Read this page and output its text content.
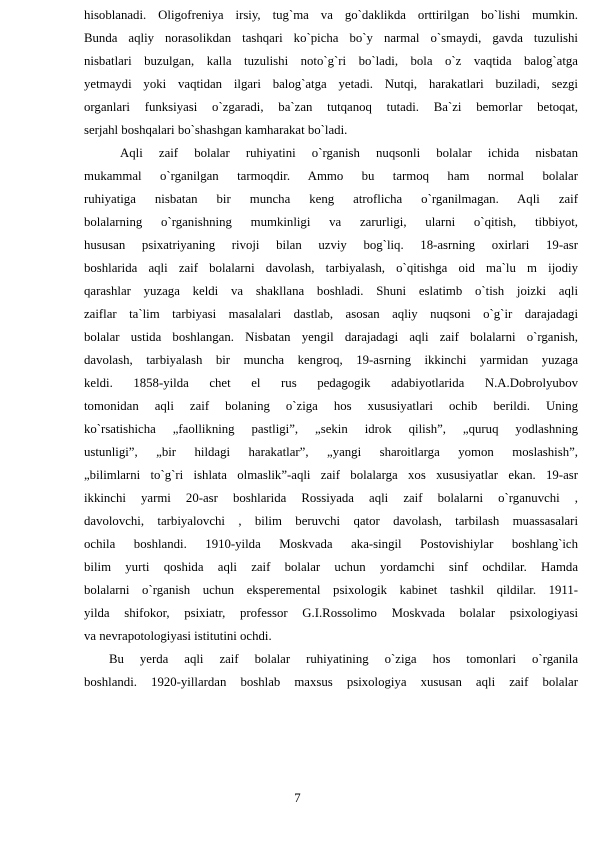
hisoblanadi. Oligofreniya irsiy, tug`ma va go`daklikda orttirilgan bo`lishi mumkin.
Bunda aqliy norasolikdan tashqari ko`picha bo`y narmal o`smaydi, gavda tuzulishi
nisbatlari buzulgan, kalla tuzulishi noto`g`ri bo`ladi, bola o`z vaqtida balog`atga
yetmaydi yoki vaqtidan ilgari balog`atga yetadi. Nutqi, harakatlari buziladi, sezgi
organlari funksiyasi o`zgaradi, ba`zan tutqanoq tutadi. Ba`zi bemorlar betoqat,
serjahl boshqalari bo`shashgan kamharakat bo`ladi.
Aqli zaif bolalar ruhiyatini o`rganish nuqsonli bolalar ichida nisbatan
mukammal o`rganilgan tarmoqdir. Ammo bu tarmoq ham normal bolalar
ruhiyatiga nisbatan bir muncha keng atroflicha o`rganilmagan. Aqli zaif
bolalarning o`rganishning mumkinligi va zarurligi, ularni o`qitish, tibbiyot,
hususan psixatriyaning rivoji bilan uzviy bog`liq. 18-asrning oxirlari 19-asr
boshlarida aqli zaif bolalarni davolash, tarbiyalash, o`qitishga oid ma`lu m ijodiy
qarashlar yuzaga keldi va shakllana boshladi. Shuni eslatimb o`tish joizki aqli
zaiflar ta`lim tarbiyasi masalalari dastlab, asosan aqliy nuqsoni o`g`ir darajadagi
bolalar ustida boshlangan. Nisbatan yengil darajadagi aqli zaif bolalarni o`rganish,
davolash, tarbiyalash bir muncha kengroq, 19-asrning ikkinchi yarmidan yuzaga
keldi. 1858-yilda chet el rus pedagogik adabiyotlarida N.A.Dobrolyubov
tomonidan aqli zaif bolaning o`ziga hos xususiyatlari ochib berildi. Uning
ko`rsatishicha „faollikning pastligi”, „sekin idrok qilish”, „quruq yodlashning
ustunligi”, „bir hildagi harakatlar”, „yangi sharoitlarga yomon moslashish”,
„bilimlarni to`g`ri ishlata olmaslik”-aqli zaif bolalarga xos xususiyatlar ekan. 19-asr
ikkinchi yarmi 20-asr boshlarida Rossiyada aqli zaif bolalarni o`rganuvchi ,
davolovchi, tarbiyalovchi , bilim beruvchi qator davolash, tarbilash muassasalari
ochila boshlandi. 1910-yilda Moskvada aka-singil Postovishiylar boshlang`ich
bilim yurti qoshida aqli zaif bolalar uchun yordamchi sinf ochdilar. Hamda
bolalarni o`rganish uchun eksperemental psixologik kabinet tashkil qildilar. 1911-
yilda shifokor, psixiatr, professor G.I.Rossolimo Moskvada bolalar psixologiyasi
va nevrapotologiyasi istitutini ochdi.
Bu yerda aqli zaif bolalar ruhiyatining o`ziga hos tomonlari o`rganila
boshlandi. 1920-yillardan boshlab maxsus psixologiya xususan aqli zaif bolalar
7
